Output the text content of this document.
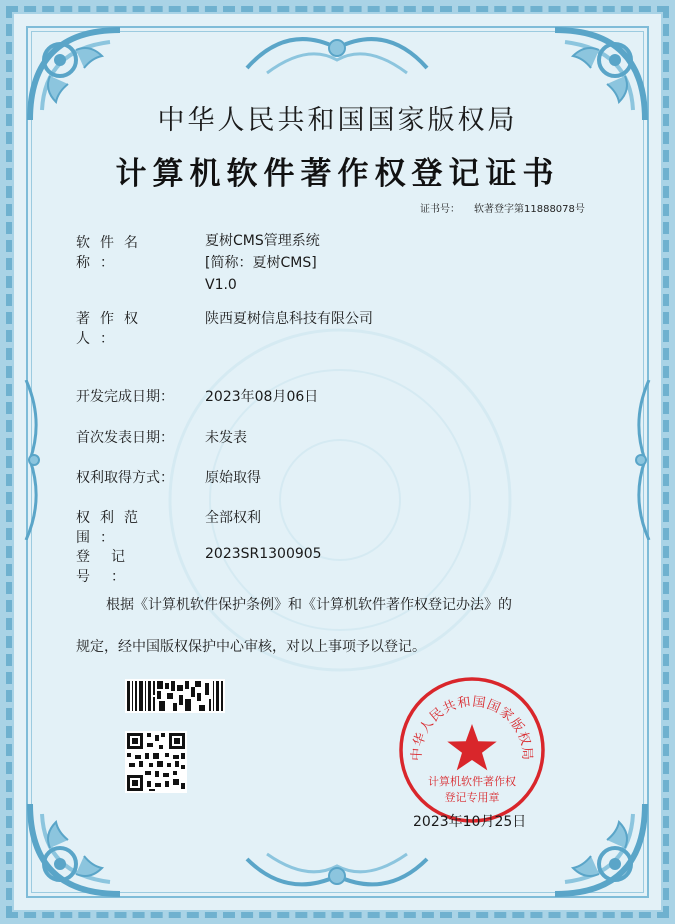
中华人民共和国国家版权局
计算机软件著作权登记证书
证书号： 软著登字第11888078号
软件名称：
夏树CMS管理系统
[简称：夏树CMS]
V1.0
著作权人：
陕西夏树信息科技有限公司
开发完成日期：	2023年08月06日
首次发表日期：	未发表
权利取得方式：	原始取得
权利范围：
全部权利
登记号：
2023SR1300905
根据《计算机软件保护条例》和《计算机软件著作权登记办法》的
规定，经中国版权保护中心审核，对以上事项予以登记。
中华人民共和国国家版权局
计算机软件著作权
登记专用章
2023年10月25日
